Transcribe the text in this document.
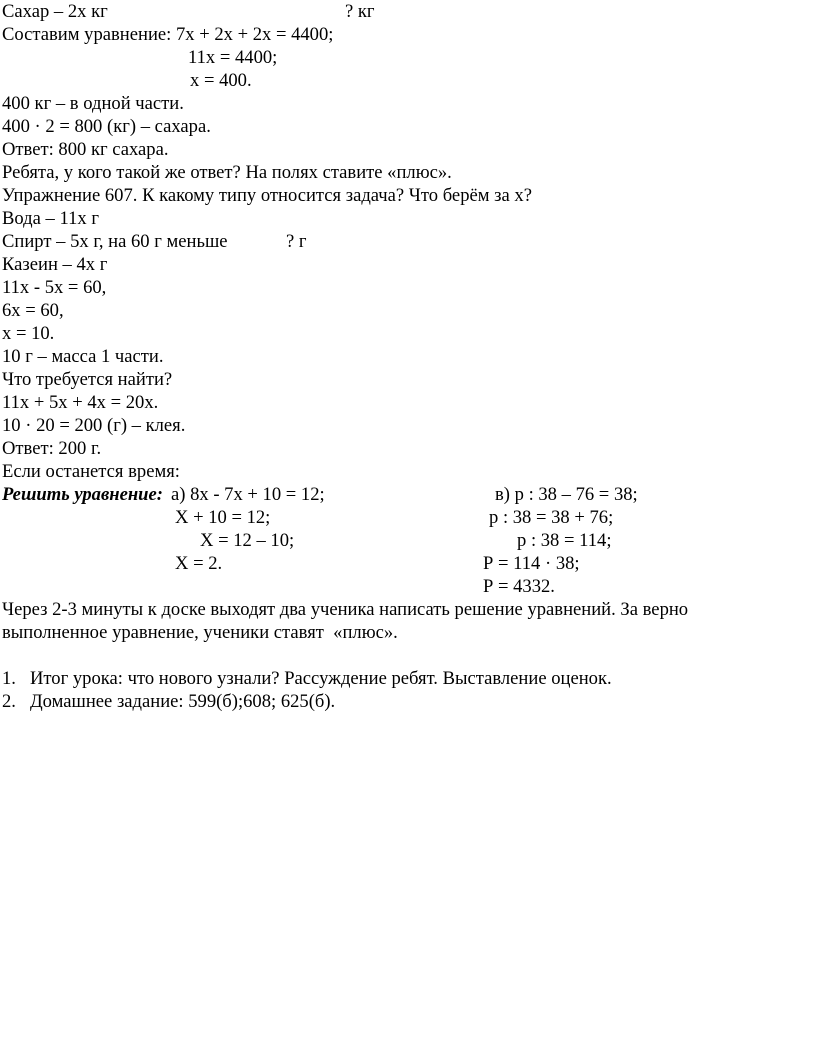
Сахар – 2х кг	? кг
Составим уравнение: 7х + 2х + 2х = 4400;
11х = 4400;
х = 400.
400 кг – в одной части.
400 · 2 = 800 (кг) – сахара.
Ответ: 800 кг сахара.
Ребята, у кого такой же ответ? На полях ставите «плюс».
Упражнение 607. К какому типу относится задача? Что берём за х?
Вода – 11х г
Спирт – 5х г, на 60 г меньше	? г
Казеин – 4х г
11х - 5х = 60,
6х = 60,
х = 10.
10 г – масса 1 части.
Что требуется найти?
11х + 5х + 4х = 20х.
10 · 20 = 200 (г) – клея.
Ответ: 200 г.
Если останется время:
Решить уравнение: а) 8х - 7х + 10 = 12;
Х + 10 = 12;
Х = 12 – 10;
Х = 2.
в) р : 38 – 76 = 38;
р : 38 = 38 + 76;
р : 38 = 114;
Р = 114 · 38;
Р = 4332.
Через 2-3 минуты к доске выходят два ученика написать решение уравнений. За верно
выполненное уравнение, ученики ставят  «плюс».
1. Итог урока: что нового узнали? Рассуждение ребят. Выставление оценок.
2. Домашнее задание: 599(б);608; 625(б).
